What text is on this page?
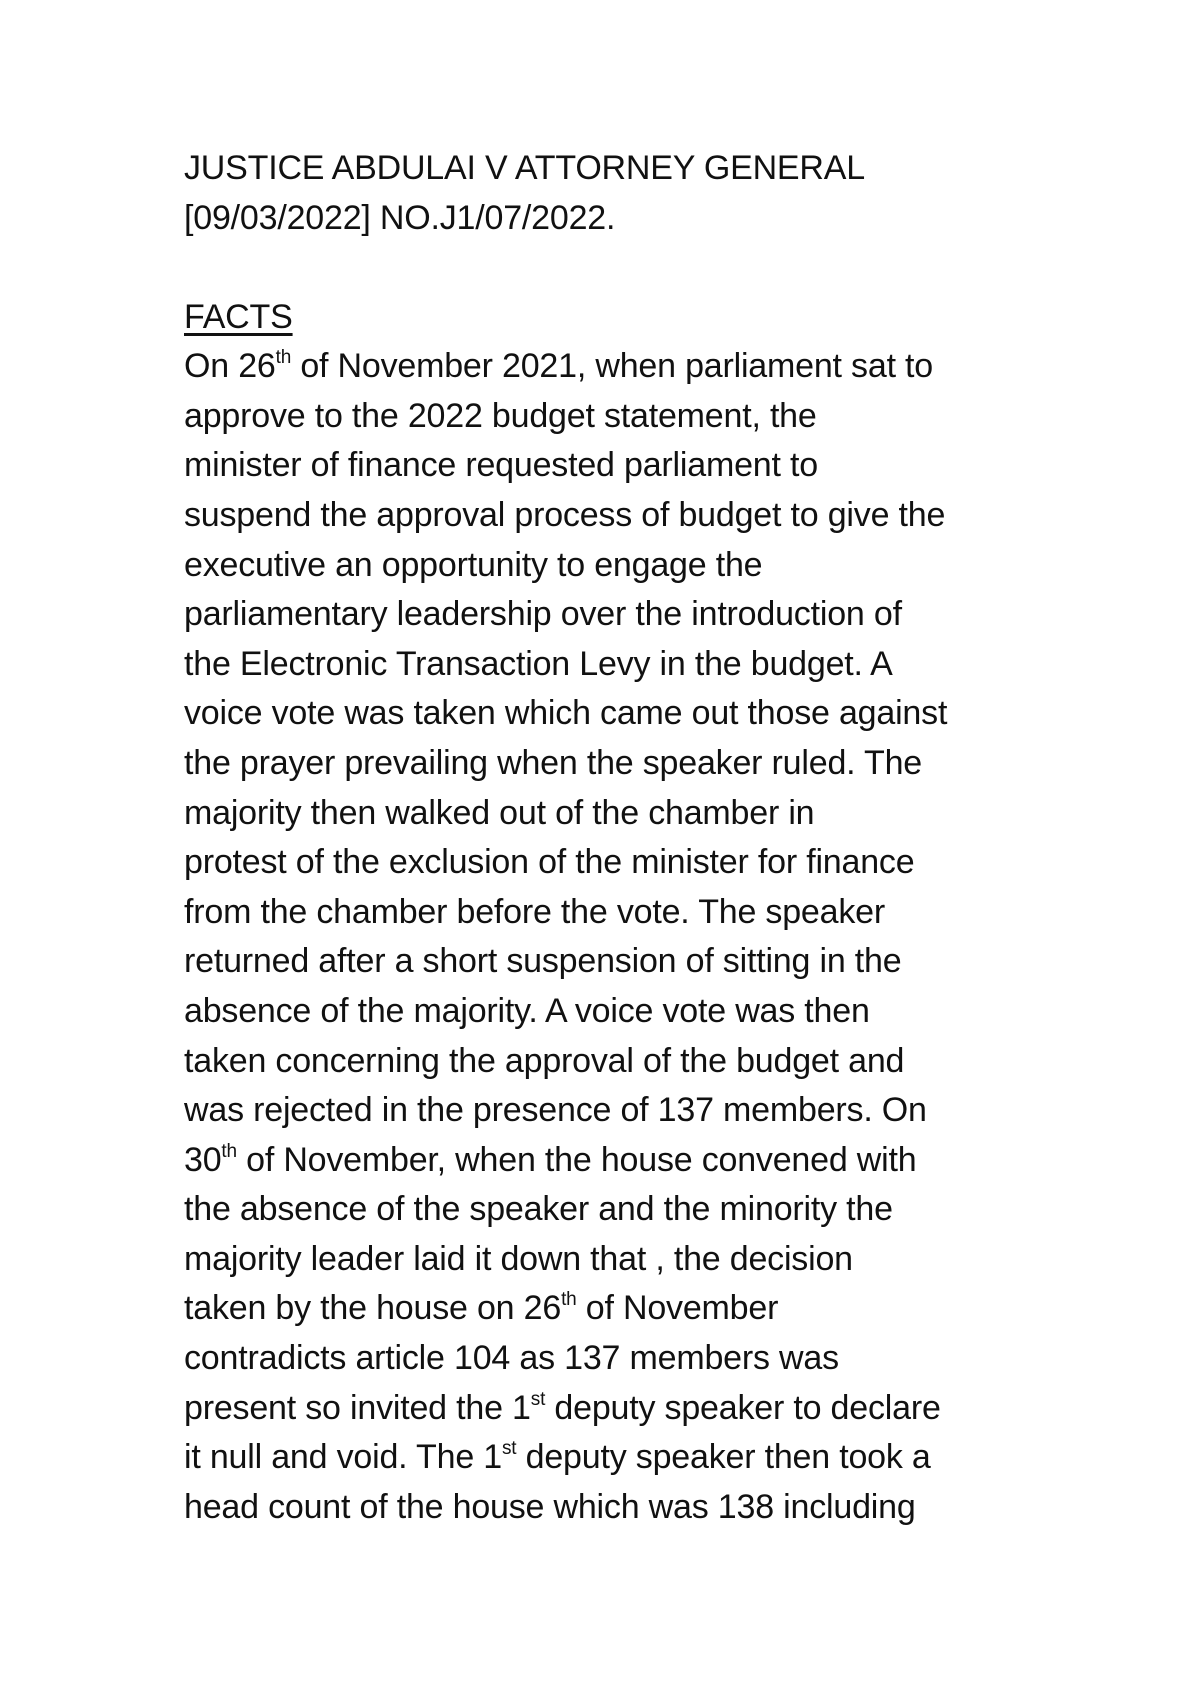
JUSTICE ABDULAI V ATTORNEY GENERAL
[09/03/2022] NO.J1/07/2022.
FACTS
On 26th of November 2021, when parliament sat to
approve to the 2022 budget statement, the
minister of finance requested parliament to
suspend the approval process of budget to give the
executive an opportunity to engage the
parliamentary leadership over the introduction of
the Electronic Transaction Levy in the budget. A
voice vote was taken which came out those against
the prayer prevailing when the speaker ruled. The
majority then walked out of the chamber in
protest of the exclusion of the minister for finance
from the chamber before the vote. The speaker
returned after a short suspension of sitting in the
absence of the majority. A voice vote was then
taken concerning the approval of the budget and
was rejected in the presence of 137 members. On
30th of November, when the house convened with
the absence of the speaker and the minority the
majority leader laid it down that , the decision
taken by the house on 26th of November
contradicts article 104 as 137 members was
present so invited the 1st deputy speaker to declare
it null and void. The 1st deputy speaker then took a
head count of the house which was 138 including
